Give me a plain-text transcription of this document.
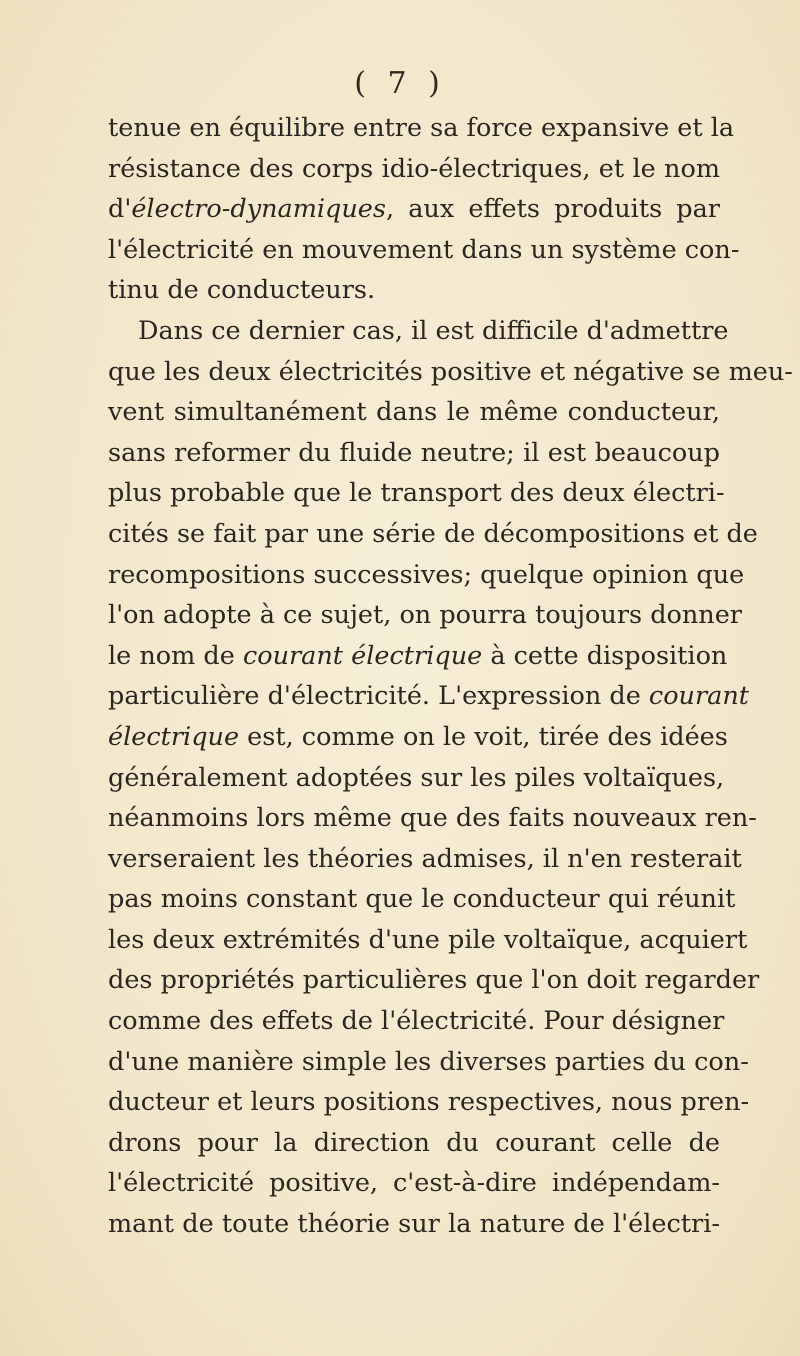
( 7 )

tenue en équilibre entre sa force expansive et la
résistance des corps idio-électriques, et le nom
d'électro-dynamiques, aux effets produits par
l'électricité en mouvement dans un système con-
tinu de conducteurs.
Dans ce dernier cas, il est difficile d'admettre
que les deux électricités positive et négative se meu-
vent simultanément dans le même conducteur,
sans reformer du fluide neutre; il est beaucoup
plus probable que le transport des deux électri-
cités se fait par une série de décompositions et de
recompositions successives; quelque opinion que
l'on adopte à ce sujet, on pourra toujours donner
le nom de courant électrique à cette disposition
particulière d'électricité. L'expression de courant
électrique est, comme on le voit, tirée des idées
généralement adoptées sur les piles voltaïques,
néanmoins lors même que des faits nouveaux ren-
verseraient les théories admises, il n'en resterait
pas moins constant que le conducteur qui réunit
les deux extrémités d'une pile voltaïque, acquiert
des propriétés particulières que l'on doit regarder
comme des effets de l'électricité. Pour désigner
d'une manière simple les diverses parties du con-
ducteur et leurs positions respectives, nous pren-
drons pour la direction du courant celle de
l'électricité positive, c'est-à-dire indépendam-
mant de toute théorie sur la nature de l'électri-
